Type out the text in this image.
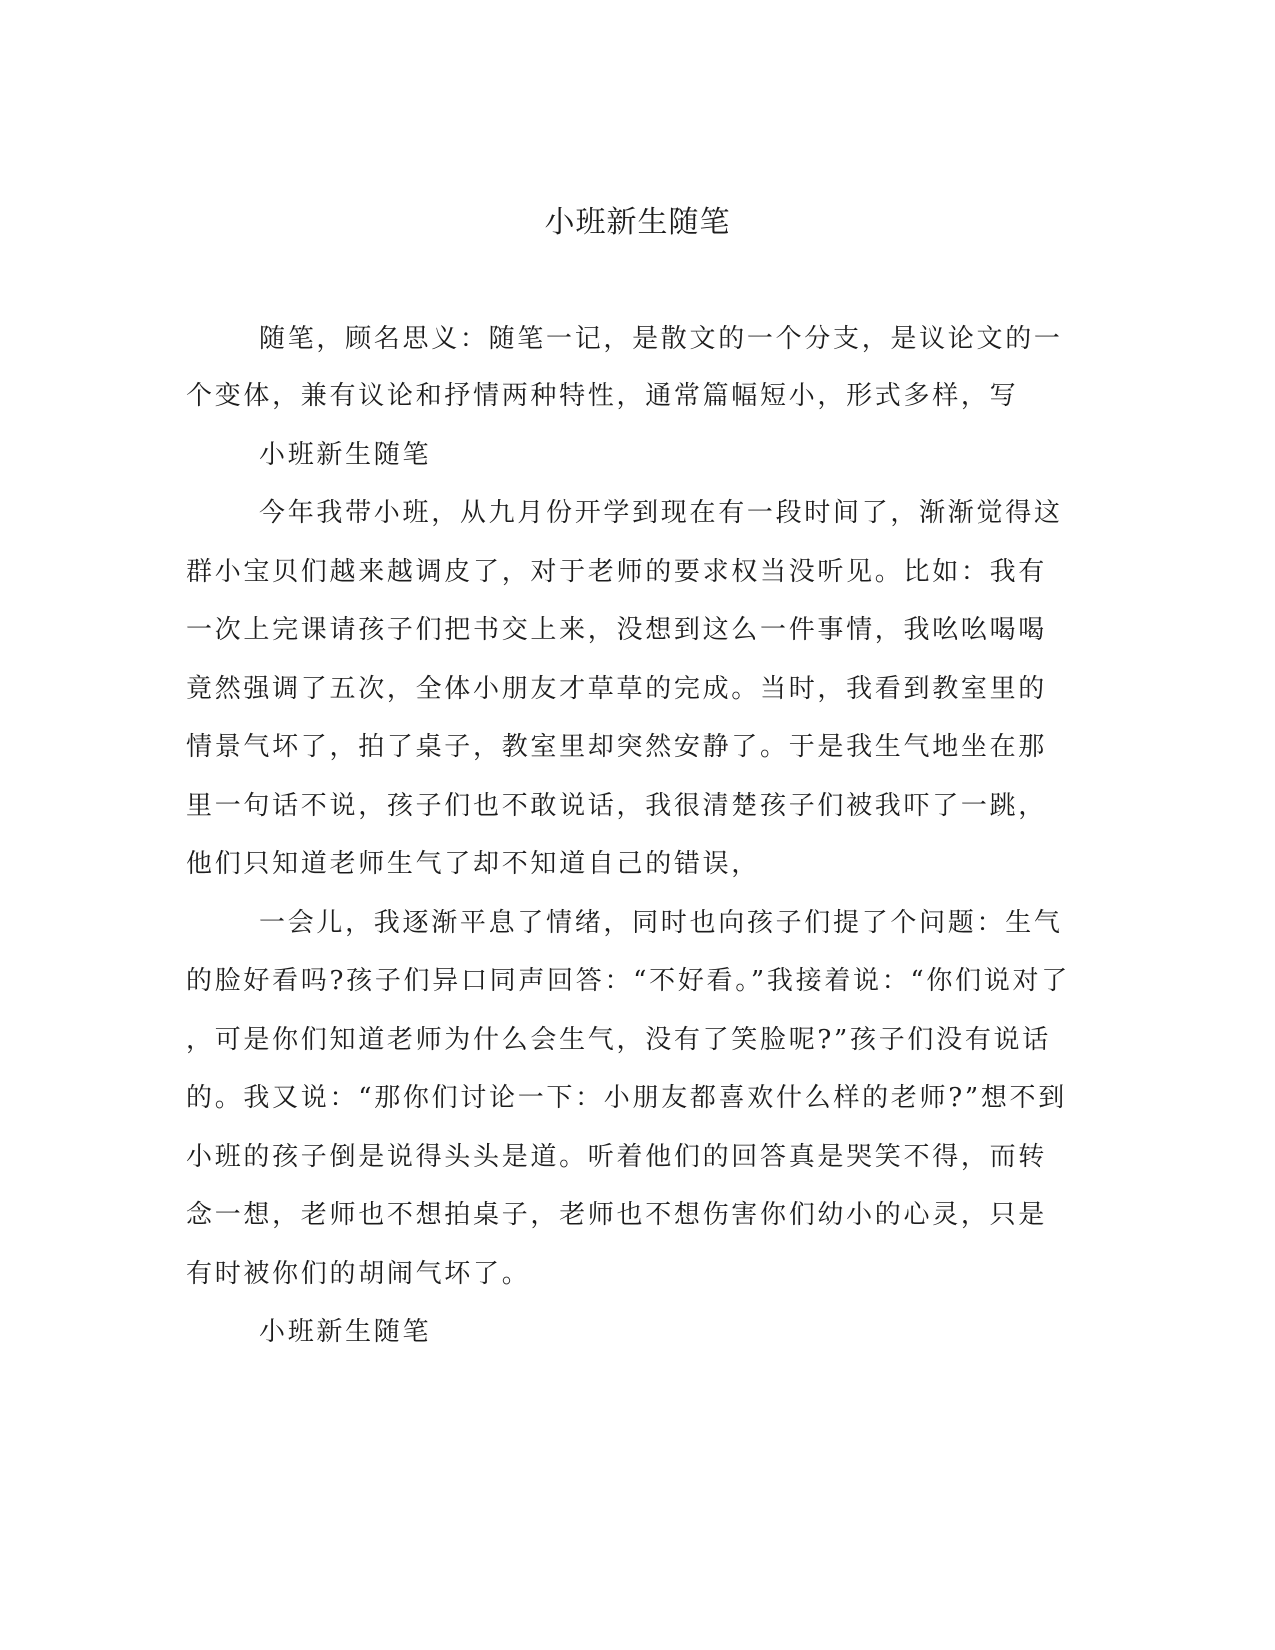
小班新生随笔

随笔，顾名思义：随笔一记，是散文的一个分支，是议论文的一

个变体，兼有议论和抒情两种特性，通常篇幅短小，形式多样，写

小班新生随笔

今年我带小班，从九月份开学到现在有一段时间了，渐渐觉得这

群小宝贝们越来越调皮了，对于老师的要求权当没听见。比如：我有

一次上完课请孩子们把书交上来，没想到这么一件事情，我吆吆喝喝

竟然强调了五次，全体小朋友才草草的完成。当时，我看到教室里的

情景气坏了，拍了桌子，教室里却突然安静了。于是我生气地坐在那

里一句话不说，孩子们也不敢说话，我很清楚孩子们被我吓了一跳，

他们只知道老师生气了却不知道自己的错误，

一会儿，我逐渐平息了情绪，同时也向孩子们提了个问题：生气

的脸好看吗?孩子们异口同声回答：“不好看。”我接着说：“你们说对了

，可是你们知道老师为什么会生气，没有了笑脸呢?”孩子们没有说话

的。我又说：“那你们讨论一下：小朋友都喜欢什么样的老师?”想不到

小班的孩子倒是说得头头是道。听着他们的回答真是哭笑不得，而转

念一想，老师也不想拍桌子，老师也不想伤害你们幼小的心灵，只是

有时被你们的胡闹气坏了。

小班新生随笔
